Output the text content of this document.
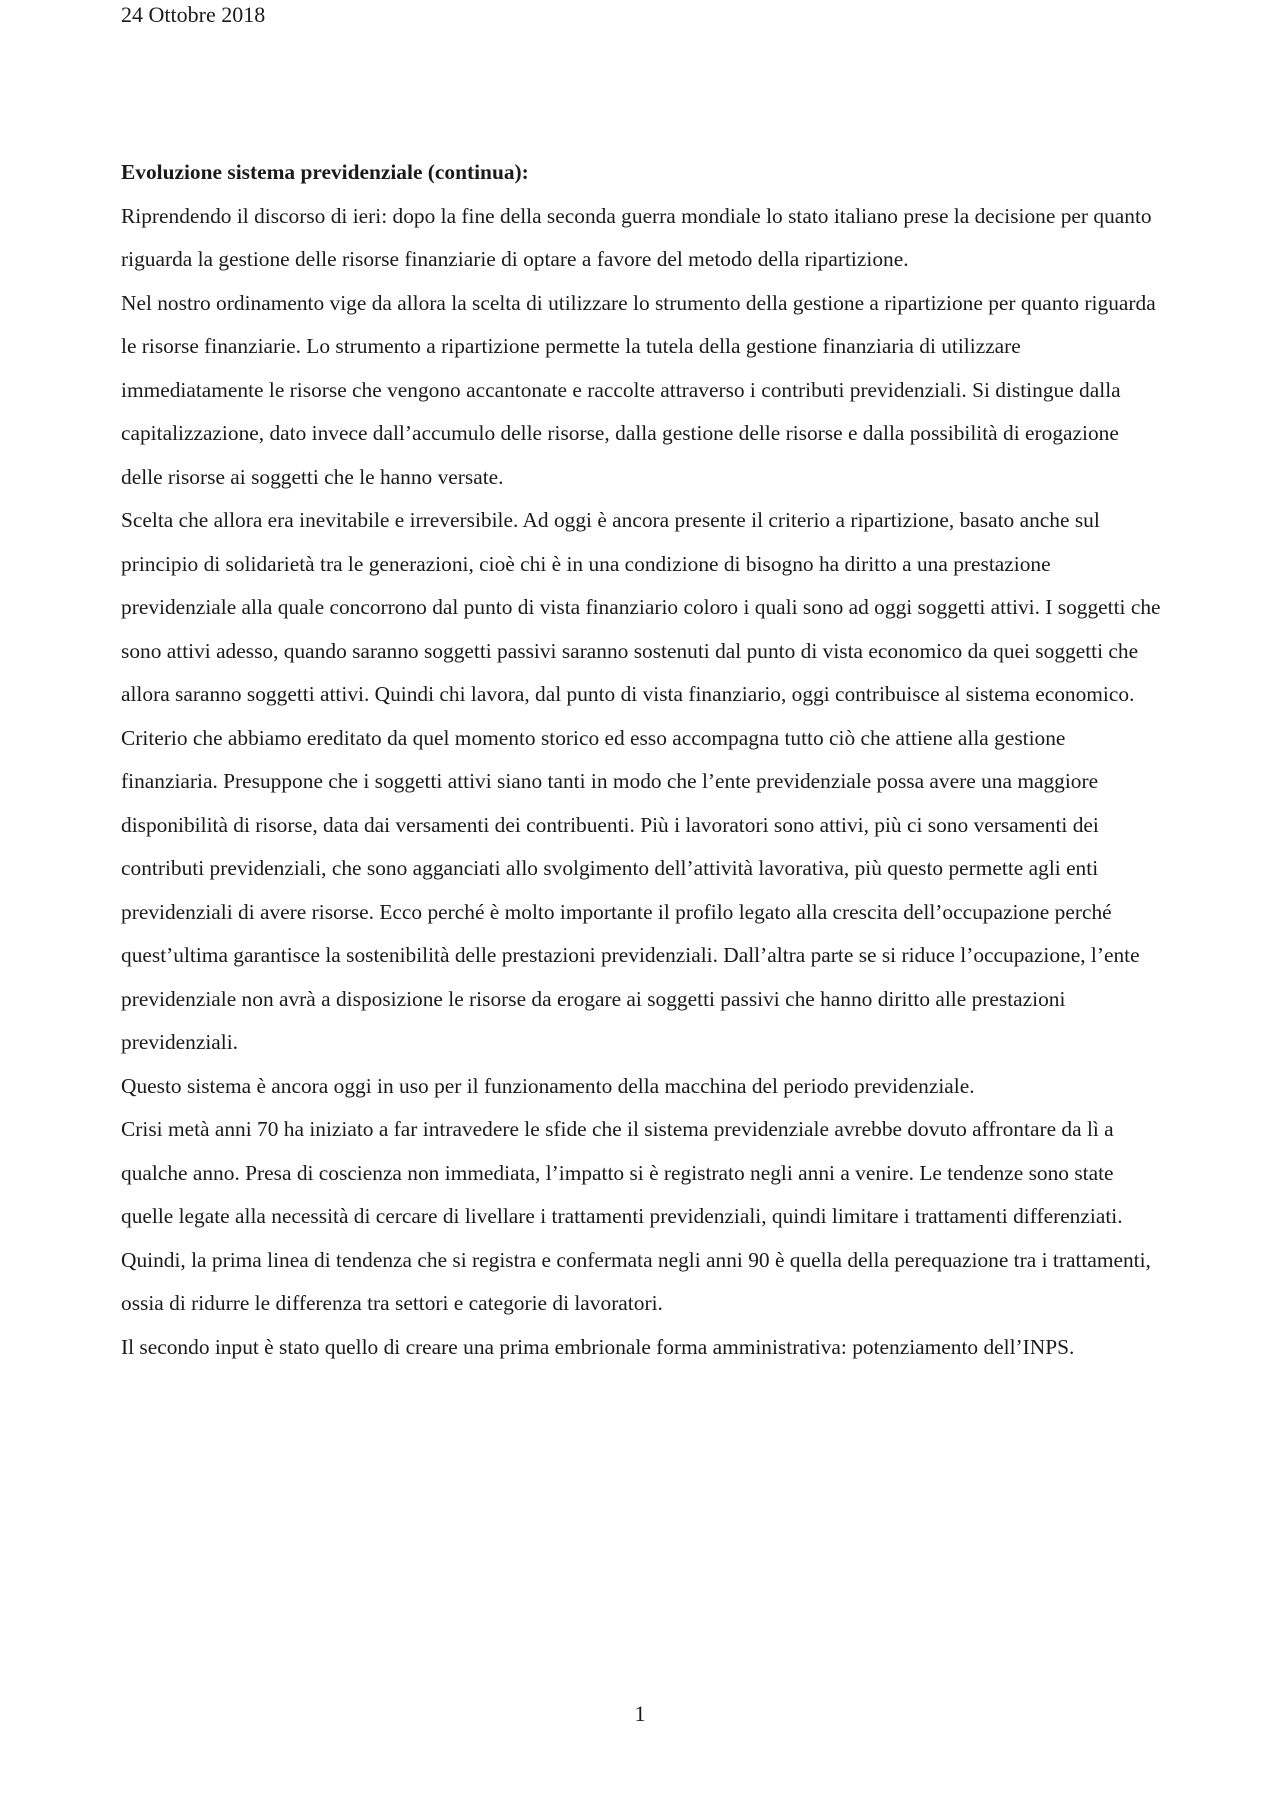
24 Ottobre 2018

Evoluzione sistema previdenziale (continua):

Riprendendo il discorso di ieri: dopo la fine della seconda guerra mondiale lo stato italiano prese la decisione per quanto riguarda la gestione delle risorse finanziarie di optare a favore del metodo della ripartizione.

Nel nostro ordinamento vige da allora la scelta di utilizzare lo strumento della gestione a ripartizione per quanto riguarda le risorse finanziarie. Lo strumento a ripartizione permette la tutela della gestione finanziaria di utilizzare immediatamente le risorse che vengono accantonate e raccolte attraverso i contributi previdenziali. Si distingue dalla capitalizzazione, dato invece dall’accumulo delle risorse, dalla gestione delle risorse e dalla possibilità di erogazione delle risorse ai soggetti che le hanno versate.

Scelta che allora era inevitabile e irreversibile. Ad oggi è ancora presente il criterio a ripartizione, basato anche sul principio di solidarietà tra le generazioni, cioè chi è in una condizione di bisogno ha diritto a una prestazione previdenziale alla quale concorrono dal punto di vista finanziario coloro i quali sono ad oggi soggetti attivi. I soggetti che sono attivi adesso, quando saranno soggetti passivi saranno sostenuti dal punto di vista economico da quei soggetti che allora saranno soggetti attivi. Quindi chi lavora, dal punto di vista finanziario, oggi contribuisce al sistema economico.

Criterio che abbiamo ereditato da quel momento storico ed esso accompagna tutto ciò che attiene alla gestione finanziaria. Presuppone che i soggetti attivi siano tanti in modo che l’ente previdenziale possa avere una maggiore disponibilità di risorse, data dai versamenti dei contribuenti. Più i lavoratori sono attivi, più ci sono versamenti dei contributi previdenziali, che sono agganciati allo svolgimento dell’attività lavorativa, più questo permette agli enti previdenziali di avere risorse. Ecco perché è molto importante il profilo legato alla crescita dell’occupazione perché quest’ultima garantisce la sostenibilità delle prestazioni previdenziali. Dall’altra parte se si riduce l’occupazione, l’ente previdenziale non avrà a disposizione le risorse da erogare ai soggetti passivi che hanno diritto alle prestazioni previdenziali.

Questo sistema è ancora oggi in uso per il funzionamento della macchina del periodo previdenziale.

Crisi metà anni 70 ha iniziato a far intravedere le sfide che il sistema previdenziale avrebbe dovuto affrontare da lì a qualche anno. Presa di coscienza non immediata, l’impatto si è registrato negli anni a venire. Le tendenze sono state quelle legate alla necessità di cercare di livellare i trattamenti previdenziali, quindi limitare i trattamenti differenziati.

Quindi, la prima linea di tendenza che si registra e confermata negli anni 90 è quella della perequazione tra i trattamenti, ossia di ridurre le differenza tra settori e categorie di lavoratori.

Il secondo input è stato quello di creare una prima embrionale forma amministrativa: potenziamento dell’INPS.

1
